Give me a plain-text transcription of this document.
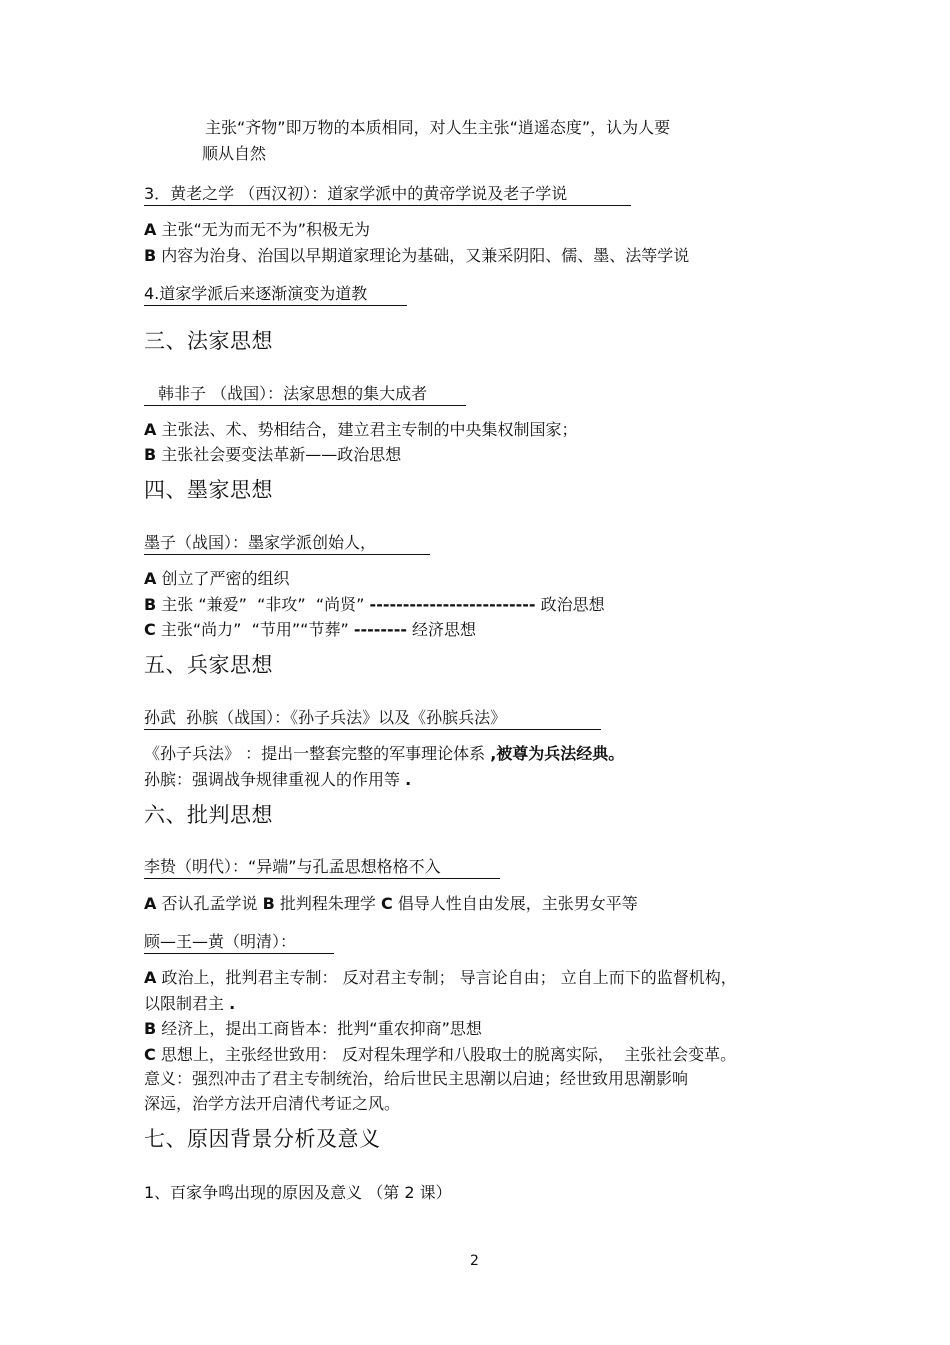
主张“齐物”即万物的本质相同，对人生主张“逍遥态度”，认为人要
顺从自然
3．黄老之学 （西汉初）：道家学派中的黄帝学说及老子学说
A 主张“无为而无不为”积极无为
B 内容为治身、治国以早期道家理论为基础，又兼采阴阳、儒、墨、法等学说
4.道家学派后来逐渐演变为道教
三、法家思想
韩非子 （战国）：法家思想的集大成者
A 主张法、术、势相结合，建立君主专制的中央集权制国家；
B 主张社会要变法革新——政治思想
四、墨家思想
墨子（战国）：墨家学派创始人，
A 创立了严密的组织
B 主张 “兼爱”  “非攻”  “尚贤” ------------------------- 政治思想
C 主张“尚力”  “节用”“节葬” -------- 经济思想
五、兵家思想
孙武  孙膑（战国）：《孙子兵法》以及《孙膑兵法》
《孙子兵法》 ：提出一整套完整的军事理论体系 ,被尊为兵法经典。
孙膑：强调战争规律重视人的作用等 .
六、批判思想
李贽（明代）：“异端”与孔孟思想格格不入
A 否认孔孟学说 B 批判程朱理学 C 倡导人性自由发展，主张男女平等
顾—王—黄（明清）：
A 政治上，批判君主专制： 反对君主专制； 导言论自由； 立自上而下的监督机构，
以限制君主 .
B 经济上，提出工商皆本：批判“重农抑商”思想
C 思想上，主张经世致用： 反对程朱理学和八股取士的脱离实际，  主张社会变革。
意义：强烈冲击了君主专制统治，给后世民主思潮以启迪；经世致用思潮影响
深远，治学方法开启清代考证之风。
七、原因背景分析及意义
1、百家争鸣出现的原因及意义 （第 2 课）
2
